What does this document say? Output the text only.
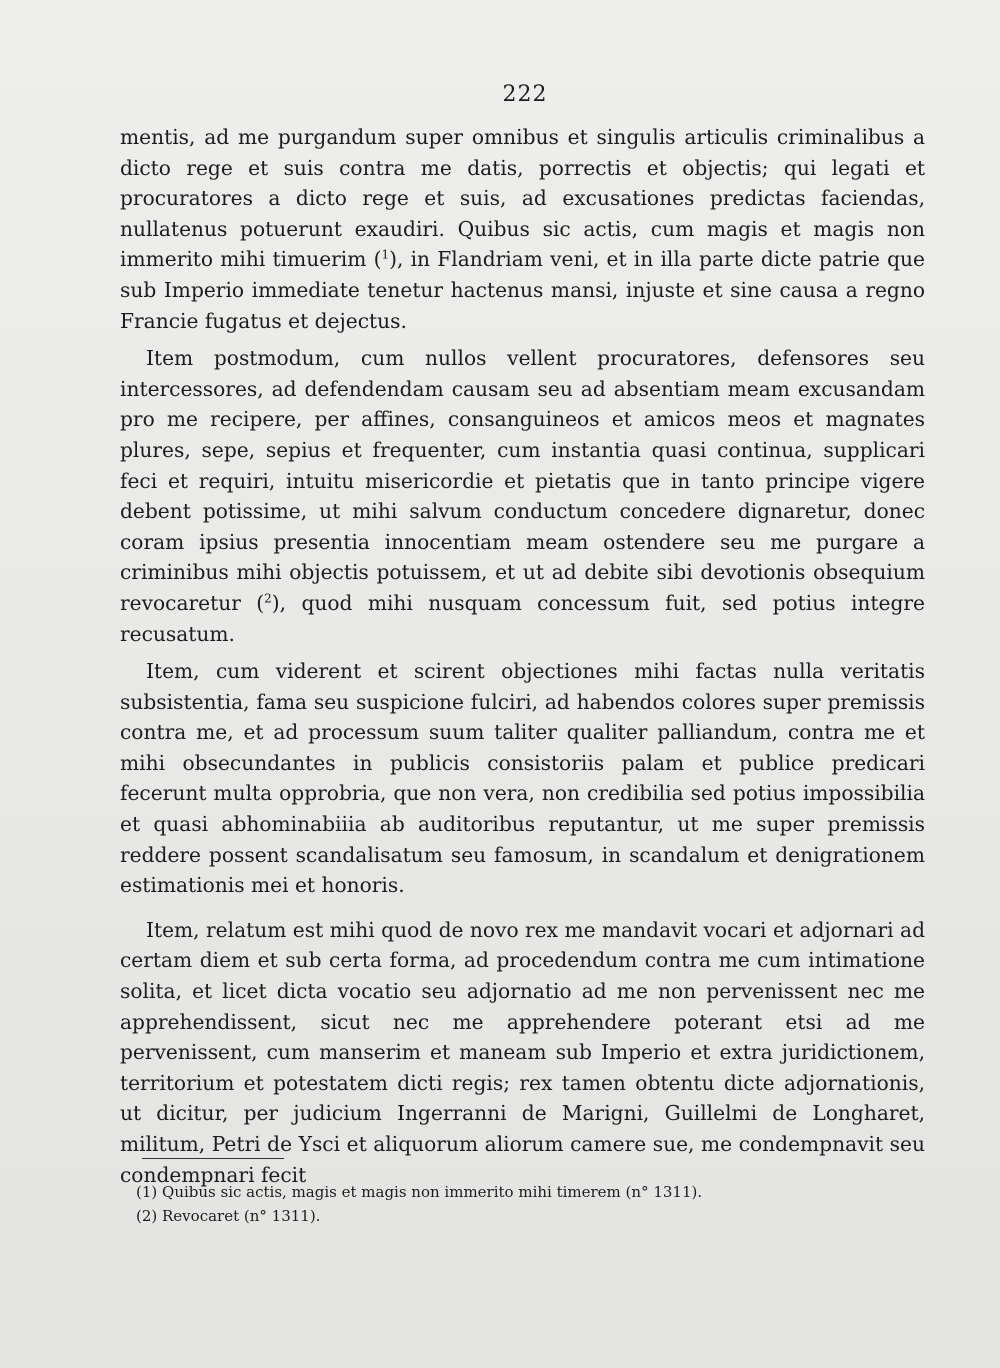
222

mentis, ad me purgandum super omnibus et singulis articulis criminalibus a dicto rege et suis contra me datis, porrectis et objectis; qui legati et procuratores a dicto rege et suis, ad excusationes predictas faciendas, nullatenus potuerunt exaudiri. Quibus sic actis, cum magis et magis non immerito mihi timuerim ($^1$), in Flandriam veni, et in illa parte dicte patrie que sub Imperio immediate tenetur hactenus mansi, injuste et sine causa a regno Francie fugatus et dejectus.

Item postmodum, cum nullos vellent procuratores, defensores seu intercessores, ad defendendam causam seu ad absentiam meam excusandam pro me recipere, per affines, consanguineos et amicos meos et magnates plures, sepe, sepius et frequenter, cum instantia quasi continua, supplicari feci et requiri, intuitu misericordie et pietatis que in tanto principe vigere debent potissime, ut mihi salvum conductum concedere dignaretur, donec coram ipsius presentia innocentiam meam ostendere seu me purgare a criminibus mihi objectis potuissem, et ut ad debite sibi devotionis obsequium revocaretur ($^2$), quod mihi nusquam concessum fuit, sed potius integre recusatum.

Item, cum viderent et scirent objectiones mihi factas nulla veritatis subsistentia, fama seu suspicione fulciri, ad habendos colores super premissis contra me, et ad processum suum taliter qualiter palliandum, contra me et mihi obsecundantes in publicis consistoriis palam et publice predicari fecerunt multa opprobria, que non vera, non credibilia sed potius impossibilia et quasi abhominabiiia ab auditoribus reputantur, ut me super premissis reddere possent scandalisatum seu famosum, in scandalum et denigrationem estimationis mei et honoris.

Item, relatum est mihi quod de novo rex me mandavit vocari et adjornari ad certam diem et sub certa forma, ad procedendum contra me cum intimatione solita, et licet dicta vocatio seu adjornatio ad me non pervenissent nec me apprehendissent, sicut nec me apprehendere poterant etsi ad me pervenissent, cum manserim et maneam sub Imperio et extra juridictionem, territorium et potestatem dicti regis; rex tamen obtentu dicte adjornationis, ut dicitur, per judicium Ingerranni de Marigni, Guillelmi de Longharet, militum, Petri de Ysci et aliquorum aliorum camere sue, me condempnavit seu condempnari fecit

(1) Quibus sic actis, magis et magis non immerito mihi timerem (n° 1311).

(2) Revocaret (n° 1311).
